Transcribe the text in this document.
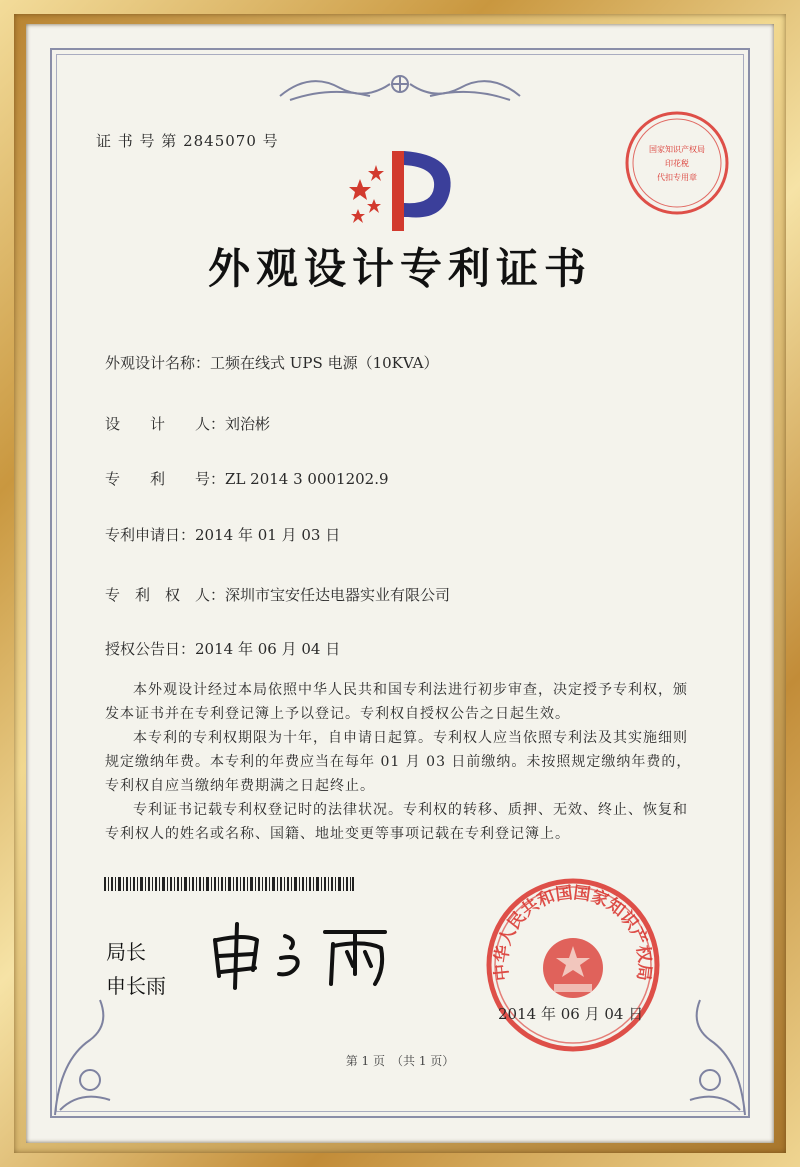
证 书 号 第 2845070 号	国家知识产权局
印花税
代扣专用章
外观设计专利证书
外观设计名称：工频在线式 UPS 电源（10KVA）
设　　计　　人：刘治彬
专　　利　　号：ZL 2014 3 0001202.9
专利申请日：2014 年 01 月 03 日
专　利　权　人：深圳市宝安任达电器实业有限公司
授权公告日：2014 年 06 月 04 日
本外观设计经过本局依照中华人民共和国专利法进行初步审查，决定授予专利权，颁发本证书并在专利登记簿上予以登记。专利权自授权公告之日起生效。
本专利的专利权期限为十年，自申请日起算。专利权人应当依照专利法及其实施细则规定缴纳年费。本专利的年费应当在每年 01 月 03 日前缴纳。未按照规定缴纳年费的，专利权自应当缴纳年费期满之日起终止。
专利证书记载专利权登记时的法律状况。专利权的转移、质押、无效、终止、恢复和专利权人的姓名或名称、国籍、地址变更等事项记载在专利登记簿上。
局长
申长雨
中华人民共和国国家知识产权局
2014 年 06 月 04 日
第 1 页　（共 1 页）
